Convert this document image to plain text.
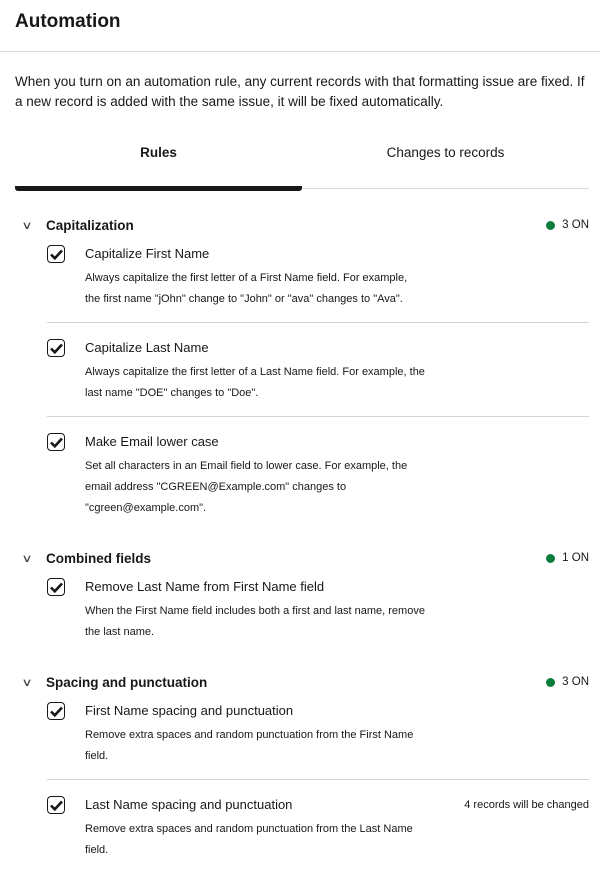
Automation

When you turn on an automation rule, any current records with that formatting issue are fixed. If a new record is added with the same issue, it will be fixed automatically.

Rules	Changes to records
∨ Capitalization	3 ON
Capitalize First Name
Always capitalize the first letter of a First Name field. For example, the first name "jOhn" change to "John" or "ava" changes to "Ava".
Capitalize Last Name
Always capitalize the first letter of a Last Name field. For example, the last name "DOE" changes to "Doe".
Make Email lower case
Set all characters in an Email field to lower case. For example, the email address "CGREEN@Example.com" changes to "cgreen@example.com".
∨ Combined fields	1 ON
Remove Last Name from First Name field
When the First Name field includes both a first and last name, remove the last name.
∨ Spacing and punctuation	3 ON
First Name spacing and punctuation
Remove extra spaces and random punctuation from the First Name field.
Last Name spacing and punctuation	4 records will be changed
Remove extra spaces and random punctuation from the Last Name field.
